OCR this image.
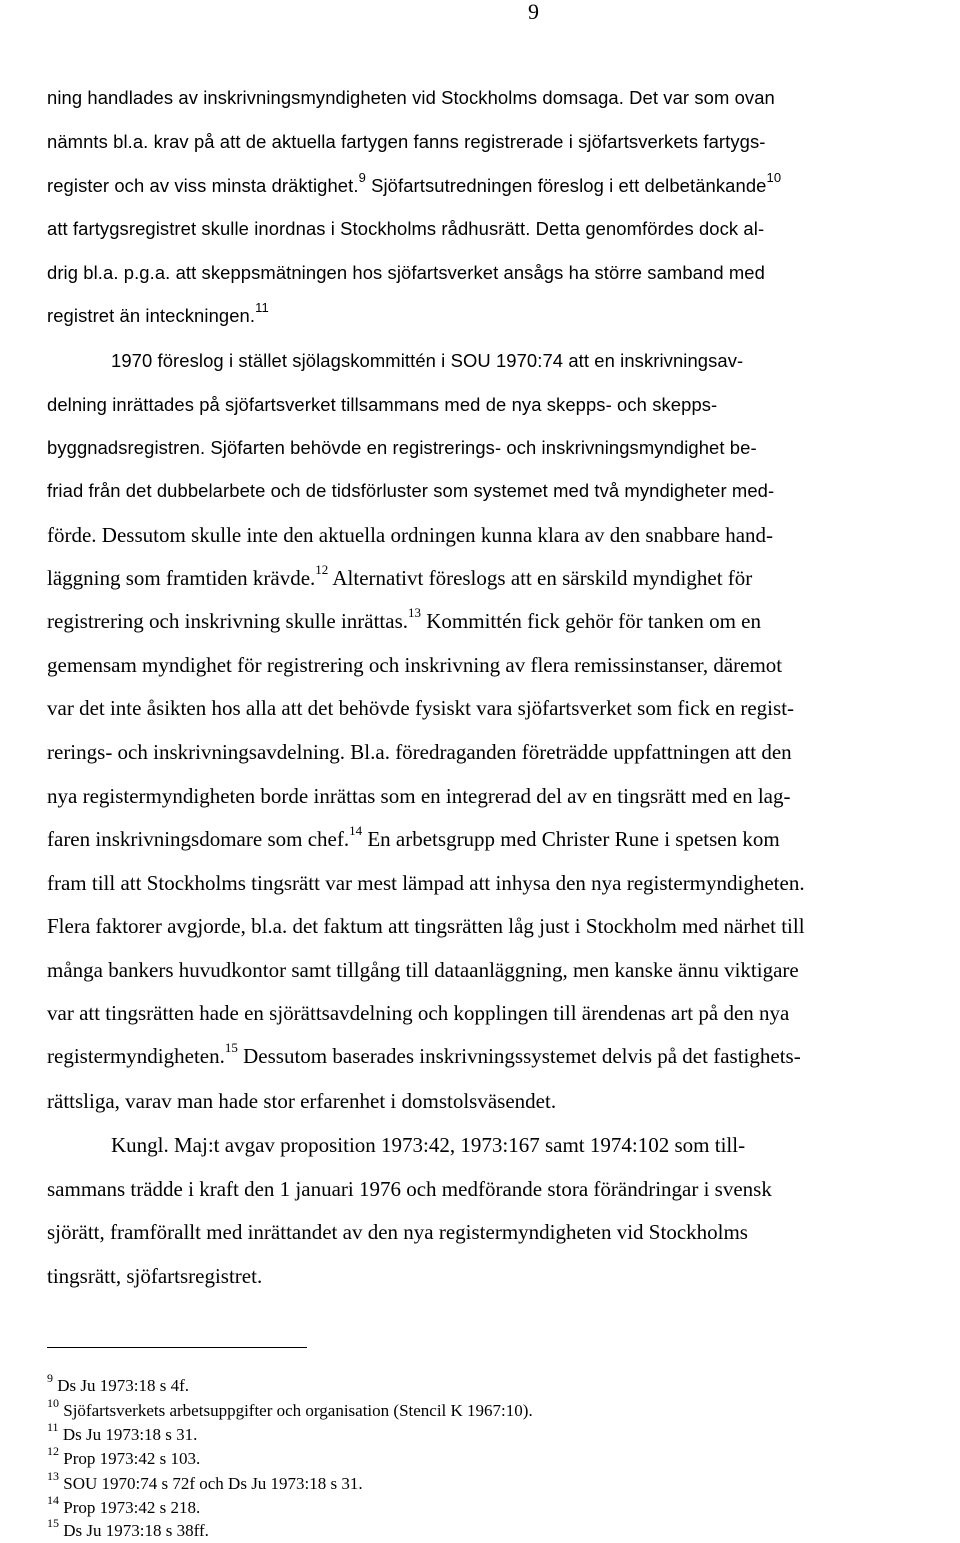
9
ning handlades av inskrivningsmyndigheten vid Stockholms domsaga. Det var som ovan
nämnts bl.a. krav på att de aktuella fartygen fanns registrerade i sjöfartsverkets fartygs-
register och av viss minsta dräktighet.$^9$ Sjöfartsutredningen föreslog i ett delbetänkande$^{10}$
att fartygsregistret skulle inordnas i Stockholms rådhusrätt. Detta genomfördes dock al-
drig bl.a. p.g.a. att skeppsmätningen hos sjöfartsverket ansågs ha större samband med
registret än inteckningen.$^{11}$
1970 föreslog i stället sjölagskommittén i SOU 1970:74 att en inskrivningsav-
delning inrättades på sjöfartsverket tillsammans med de nya skepps- och skepps-
byggnadsregistren. Sjöfarten behövde en registrerings- och inskrivningsmyndighet be-
friad från det dubbelarbete och de tidsförluster som systemet med två myndigheter med-
förde. Dessutom skulle inte den aktuella ordningen kunna klara av den snabbare hand-
läggning som framtiden krävde.$^{12}$ Alternativt föreslogs att en särskild myndighet för
registrering och inskrivning skulle inrättas.$^{13}$ Kommittén fick gehör för tanken om en
gemensam myndighet för registrering och inskrivning av flera remissinstanser, däremot
var det inte åsikten hos alla att det behövde fysiskt vara sjöfartsverket som fick en regist-
rerings- och inskrivningsavdelning. Bl.a. föredraganden företrädde uppfattningen att den
nya registermyndigheten borde inrättas som en integrerad del av en tingsrätt med en lag-
faren inskrivningsdomare som chef.$^{14}$ En arbetsgrupp med Christer Rune i spetsen kom
fram till att Stockholms tingsrätt var mest lämpad att inhysa den nya registermyndigheten.
Flera faktorer avgjorde, bl.a. det faktum att tingsrätten låg just i Stockholm med närhet till
många bankers huvudkontor samt tillgång till dataanläggning, men kanske ännu viktigare
var att tingsrätten hade en sjörättsavdelning och kopplingen till ärendenas art på den nya
registermyndigheten.$^{15}$ Dessutom baserades inskrivningssystemet delvis på det fastighets-
rättsliga, varav man hade stor erfarenhet i domstolsväsendet.
Kungl. Maj:t avgav proposition 1973:42, 1973:167 samt 1974:102 som till-
sammans trädde i kraft den 1 januari 1976 och medförande stora förändringar i svensk
sjörätt, framförallt med inrättandet av den nya registermyndigheten vid Stockholms
tingsrätt, sjöfartsregistret.
$^9$ Ds Ju 1973:18 s 4f.
$^{10}$ Sjöfartsverkets arbetsuppgifter och organisation (Stencil K 1967:10).
$^{11}$ Ds Ju 1973:18 s 31.
$^{12}$ Prop 1973:42 s 103.
$^{13}$ SOU 1970:74 s 72f och Ds Ju 1973:18 s 31.
$^{14}$ Prop 1973:42 s 218.
$^{15}$ Ds Ju 1973:18 s 38ff.
